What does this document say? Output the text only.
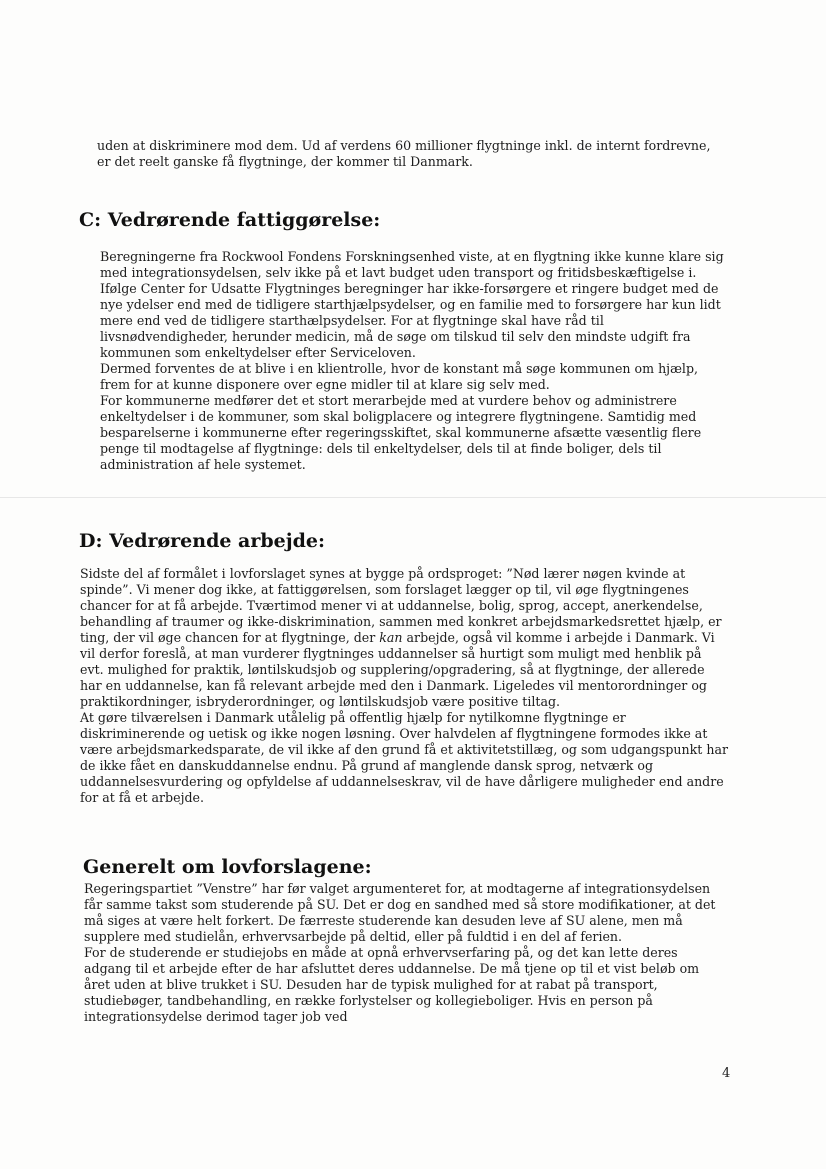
uden at diskriminere mod dem. Ud af verdens 60 millioner flygtninge inkl. de internt fordrevne, er det reelt ganske få flygtninge, der kommer til Danmark.

C: Vedrørende fattiggørelse:

Beregningerne fra Rockwool Fondens Forskningsenhed viste, at en flygtning ikke kunne klare sig med integrationsydelsen, selv ikke på et lavt budget uden transport og fritidsbeskæftigelse i. Ifølge Center for Udsatte Flygtninges beregninger har ikke-forsørgere et ringere budget med de nye ydelser end med de tidligere starthjælpsydelser, og en familie med to forsørgere har kun lidt mere end ved de tidligere starthælpsydelser. For at flygtninge skal have råd til livsnødvendigheder, herunder medicin, må de søge om tilskud til selv den mindste udgift fra kommunen som enkeltydelser efter Serviceloven.

Dermed forventes de at blive i en klientrolle, hvor de konstant må søge kommunen om hjælp, frem for at kunne disponere over egne midler til at klare sig selv med.

For kommunerne medfører det et stort merarbejde med at vurdere behov og administrere enkeltydelser i de kommuner, som skal boligplacere og integrere flygtningene. Samtidig med besparelserne i kommunerne efter regeringsskiftet, skal kommunerne afsætte væsentlig flere penge til modtagelse af flygtninge: dels til enkeltydelser, dels til at finde boliger, dels til administration af hele systemet.

D: Vedrørende arbejde:

Sidste del af formålet i lovforslaget synes at bygge på ordsproget: ”Nød lærer nøgen kvinde at spinde”. Vi mener dog ikke, at fattiggørelsen, som forslaget lægger op til, vil øge flygtningenes chancer for at få arbejde. Tværtimod mener vi at uddannelse, bolig, sprog, accept, anerkendelse, behandling af traumer og ikke-diskrimination, sammen med konkret arbejdsmarkedsrettet hjælp, er ting, der vil øge chancen for at flygtninge, der kan arbejde, også vil komme i arbejde i Danmark. Vi vil derfor foreslå, at man vurderer flygtninges uddannelser så hurtigt som muligt med henblik på evt. mulighed for praktik, løntilskudsjob og supplering/opgradering, så at flygtninge, der allerede har en uddannelse, kan få relevant arbejde med den i Danmark. Ligeledes vil mentorordninger og praktikordninger, isbryderordninger, og løntilskudsjob være positive tiltag.

At gøre tilværelsen i Danmark utålelig på offentlig hjælp for nytilkomne flygtninge er diskriminerende og uetisk og ikke nogen løsning. Over halvdelen af flygtningene formodes ikke at være arbejdsmarkedsparate, de vil ikke af den grund få et aktivitetstillæg, og som udgangspunkt har de ikke fået en danskuddannelse endnu. På grund af manglende dansk sprog, netværk og uddannelsesvurdering og opfyldelse af uddannelseskrav, vil de have dårligere muligheder end andre for at få et arbejde.

Generelt om lovforslagene:

Regeringspartiet ”Venstre” har før valget argumenteret for, at modtagerne af integrationsydelsen får samme takst som studerende på SU. Det er dog en sandhed med så store modifikationer, at det må siges at være helt forkert. De færreste studerende kan desuden leve af SU alene, men må supplere med studielån, erhvervsarbejde på deltid, eller på fuldtid i en del af ferien.

For de studerende er studiejobs en måde at opnå erhvervserfaring på, og det kan lette deres adgang til et arbejde efter de har afsluttet deres uddannelse. De må tjene op til et vist beløb om året uden at blive trukket i SU. Desuden har de typisk mulighed for at rabat på transport, studiebøger, tandbehandling, en række forlystelser og kollegieboliger. Hvis en person på integrationsydelse derimod tager job ved

4
